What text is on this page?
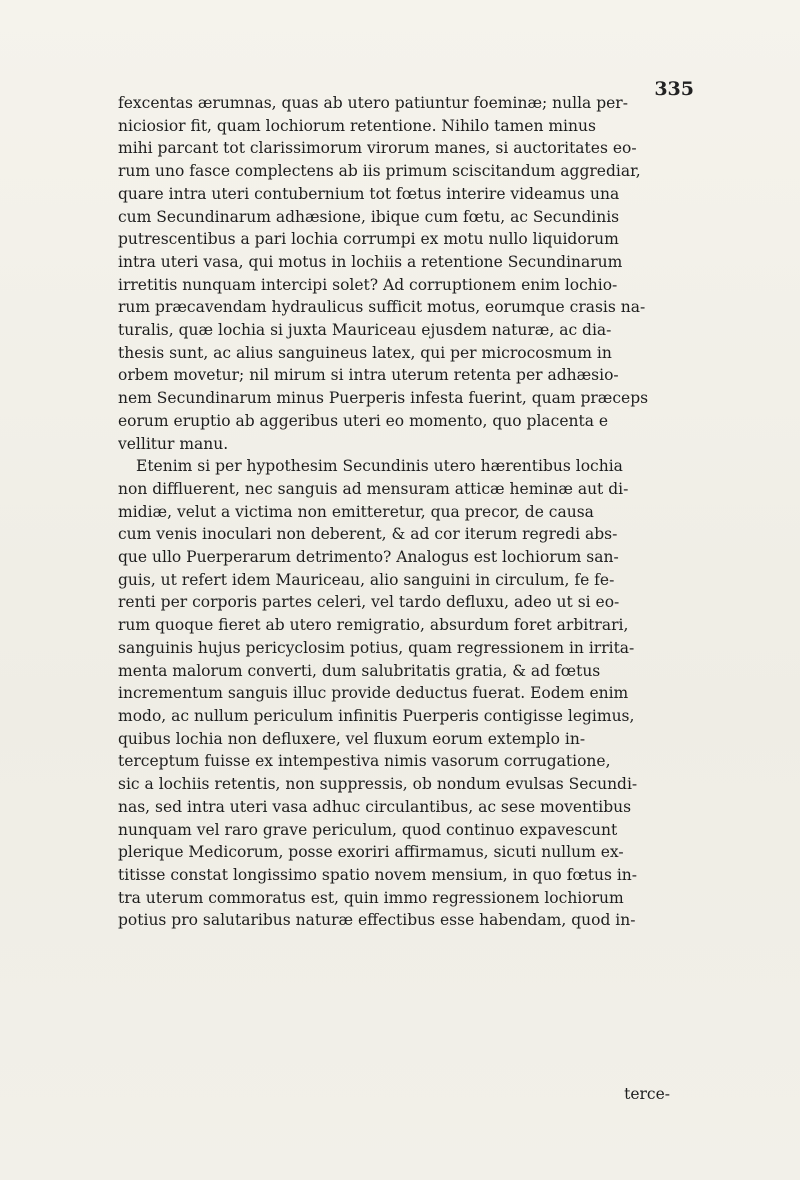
335
fexcentas ærumnas, quas ab utero patiuntur foeminæ; nulla per-
niciosior fit, quam lochiorum retentione. Nihilo tamen minus
mihi parcant tot clarissimorum virorum manes, si auctoritates eo-
rum uno fasce complectens ab iis primum sciscitandum aggrediar,
quare intra uteri contubernium tot fœtus interire videamus una
cum Secundinarum adhæsione, ibique cum fœtu, ac Secundinis
putrescentibus a pari lochia corrumpi ex motu nullo liquidorum
intra uteri vasa, qui motus in lochiis a retentione Secundinarum
irretitis nunquam intercipi solet? Ad corruptionem enim lochio-
rum præcavendam hydraulicus sufficit motus, eorumque crasis na-
turalis, quæ lochia si juxta Mauriceau ejusdem naturæ, ac dia-
thesis sunt, ac alius sanguineus latex, qui per microcosmum in
orbem movetur; nil mirum si intra uterum retenta per adhæsio-
nem Secundinarum minus Puerperis infesta fuerint, quam præceps
eorum eruptio ab aggeribus uteri eo momento, quo placenta e
vellitur manu.
Etenim si per hypothesim Secundinis utero hærentibus lochia
non diffluerent, nec sanguis ad mensuram atticæ heminæ aut di-
midiæ, velut a victima non emitteretur, qua precor, de causa
cum venis inoculari non deberent, & ad cor iterum regredi abs-
que ullo Puerperarum detrimento? Analogus est lochiorum san-
guis, ut refert idem Mauriceau, alio sanguini in circulum, fe fe-
renti per corporis partes celeri, vel tardo defluxu, adeo ut si eo-
rum quoque fieret ab utero remigratio, absurdum foret arbitrari,
sanguinis hujus pericyclosim potius, quam regressionem in irrita-
menta malorum converti, dum salubritatis gratia, & ad fœtus
incrementum sanguis illuc provide deductus fuerat. Eodem enim
modo, ac nullum periculum infinitis Puerperis contigisse legimus,
quibus lochia non defluxere, vel fluxum eorum extemplo in-
terceptum fuisse ex intempestiva nimis vasorum corrugatione,
sic a lochiis retentis, non suppressis, ob nondum evulsas Secundi-
nas, sed intra uteri vasa adhuc circulantibus, ac sese moventibus
nunquam vel raro grave periculum, quod continuo expavescunt
plerique Medicorum, posse exoriri affirmamus, sicuti nullum ex-
titisse constat longissimo spatio novem mensium, in quo fœtus in-
tra uterum commoratus est, quin immo regressionem lochiorum
potius pro salutaribus naturæ effectibus esse habendam, quod in-
terce-
